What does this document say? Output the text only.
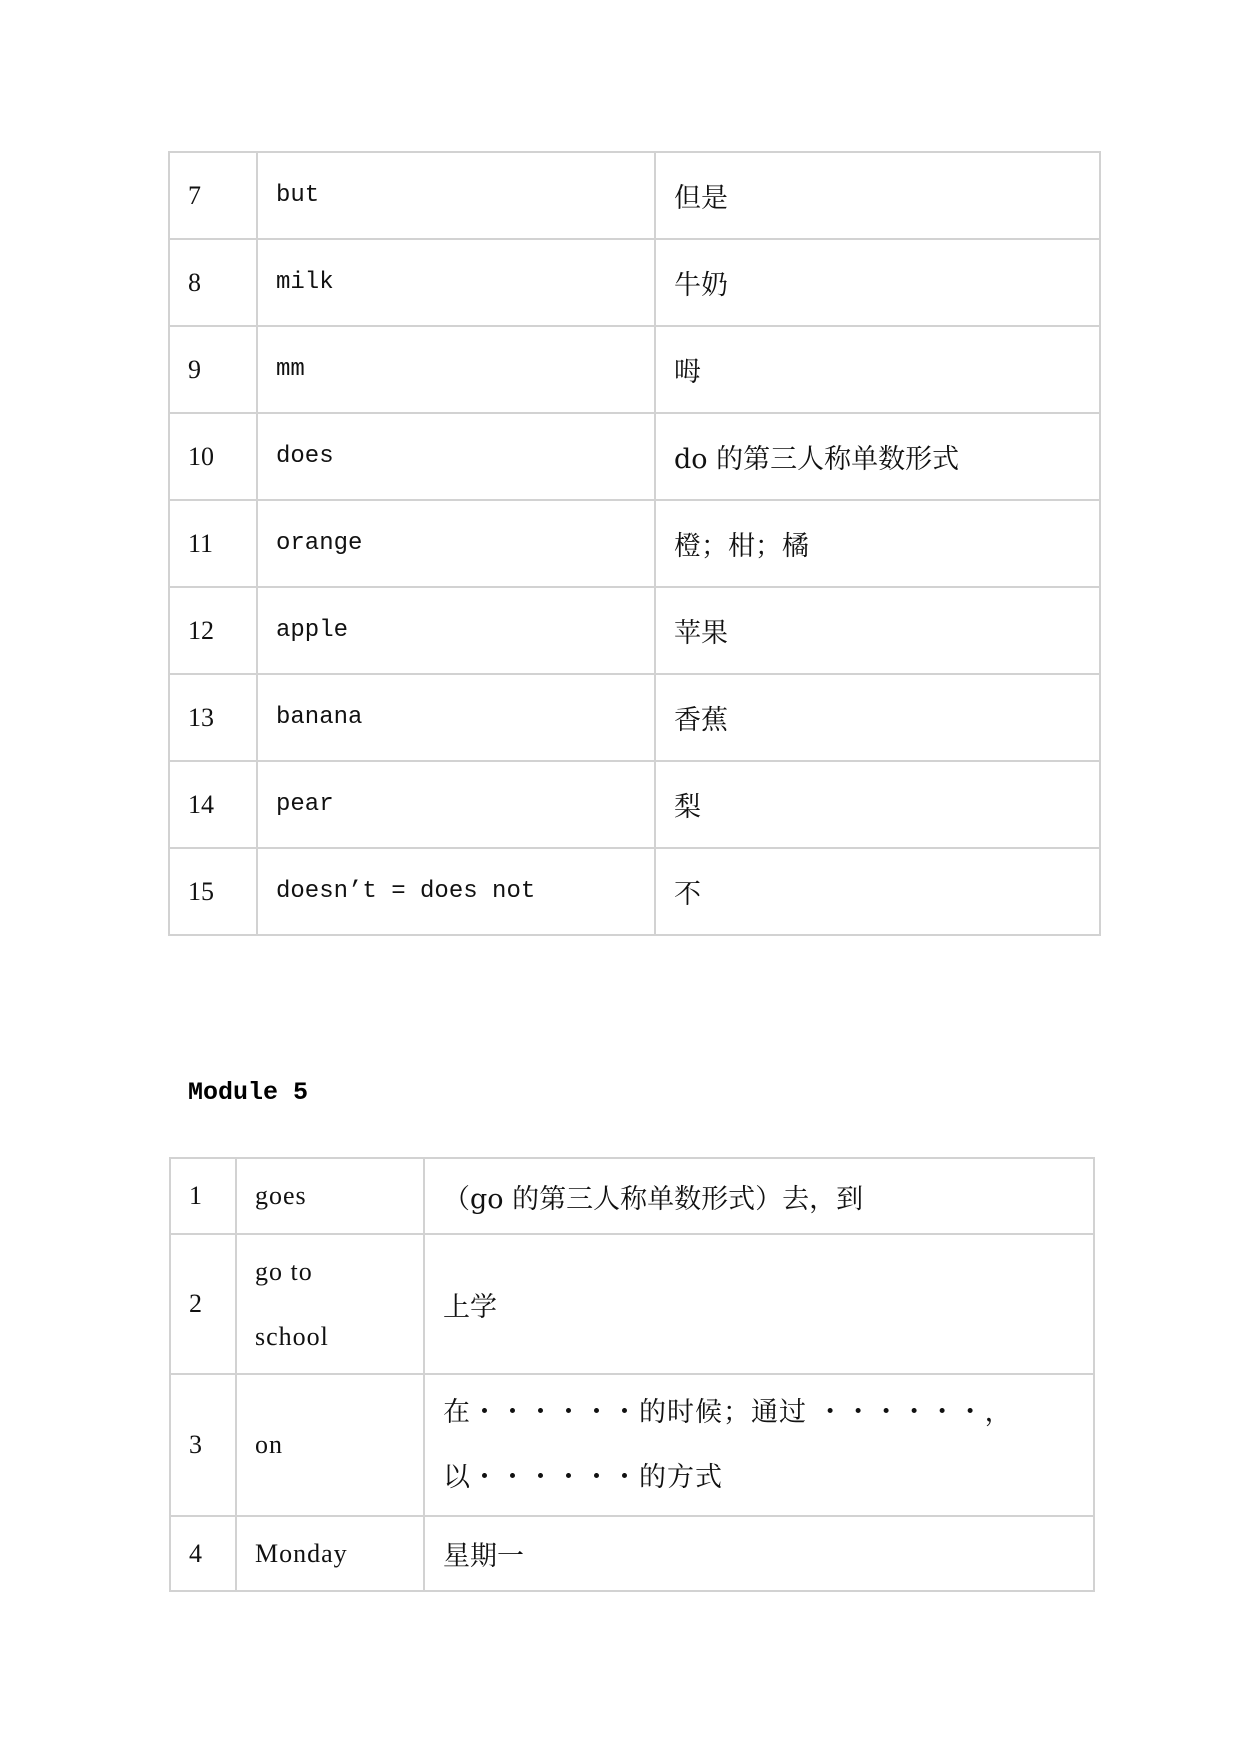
7	but	但是
8	milk	牛奶
9	mm	呣
10	does	do 的第三人称单数形式
11	orange	橙；柑；橘
12	apple	苹果
13	banana	香蕉
14	pear	梨
15	doesn’t = does not	不
Module 5
1	goes	（go 的第三人称单数形式）去，到
2	go to school	上学
3	on	在・・・・・・的时候；通过 ・・・・・・，
以・・・・・・的方式

4	Monday	星期一
